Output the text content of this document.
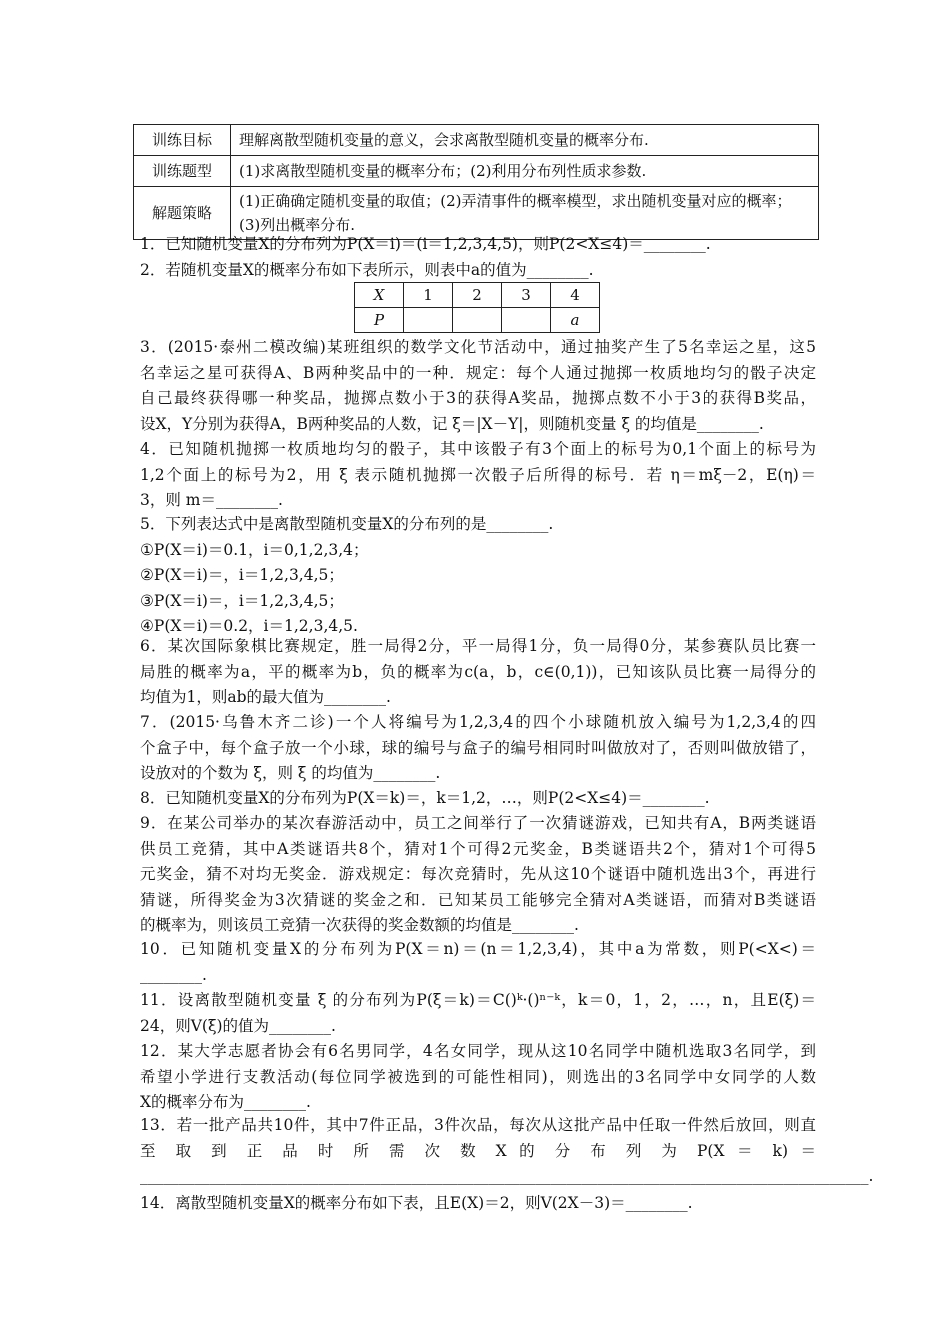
训练目标	理解离散型随机变量的意义，会求离散型随机变量的概率分布.
训练题型	(1)求离散型随机变量的概率分布；(2)利用分布列性质求参数.
解题策略	(1)正确确定随机变量的取值；(2)弄清事件的概率模型，求出随机变量对应的概率；(3)列出概率分布.

1．已知随机变量X的分布列为P(X＝i)＝(i＝1,2,3,4,5)，则P(2<X≤4)＝________.

2．若随机变量X的概率分布如下表所示，则表中a的值为________.

X	1	2	3	4
P				a

3．(2015·泰州二模改编)某班组织的数学文化节活动中，通过抽奖产生了5名幸运之星，这5

名幸运之星可获得A、B两种奖品中的一种．规定：每个人通过抛掷一枚质地均匀的骰子决定

自己最终获得哪一种奖品，抛掷点数小于3的获得A奖品，抛掷点数不小于3的获得B奖品，

设X，Y分别为获得A，B两种奖品的人数，记 ξ＝|X－Y|，则随机变量 ξ 的均值是________.

4．已知随机抛掷一枚质地均匀的骰子，其中该骰子有3个面上的标号为0,1个面上的标号为

1,2个面上的标号为2，用 ξ 表示随机抛掷一次骰子后所得的标号．若 η＝mξ－2，E(η)＝

3，则 m＝________.

5．下列表达式中是离散型随机变量X的分布列的是________.

①P(X＝i)＝0.1，i＝0,1,2,3,4；

②P(X＝i)＝，i＝1,2,3,4,5；

③P(X＝i)＝，i＝1,2,3,4,5；

④P(X＝i)＝0.2，i＝1,2,3,4,5.

6．某次国际象棋比赛规定，胜一局得2分，平一局得1分，负一局得0分，某参赛队员比赛一

局胜的概率为a，平的概率为b，负的概率为c(a，b，c∈(0,1))，已知该队员比赛一局得分的

均值为1，则ab的最大值为________.

7．(2015·乌鲁木齐二诊)一个人将编号为1,2,3,4的四个小球随机放入编号为1,2,3,4的四

个盒子中，每个盒子放一个小球，球的编号与盒子的编号相同时叫做放对了，否则叫做放错了，

设放对的个数为 ξ，则 ξ 的均值为________.

8．已知随机变量X的分布列为P(X＝k)＝，k＝1,2，…，则P(2<X≤4)＝________.

9．在某公司举办的某次春游活动中，员工之间举行了一次猜谜游戏，已知共有A，B两类谜语

供员工竞猜，其中A类谜语共8个，猜对1个可得2元奖金，B类谜语共2个，猜对1个可得5

元奖金，猜不对均无奖金．游戏规定：每次竞猜时，先从这10个谜语中随机选出3个，再进行

猜谜，所得奖金为3次猜谜的奖金之和．已知某员工能够完全猜对A类谜语，而猜对B类谜语

的概率为，则该员工竞猜一次获得的奖金数额的均值是________.

10．已知随机变量X的分布列为P(X＝n)＝(n＝1,2,3,4)，其中a为常数，则P(<X<)＝

________.

11．设离散型随机变量 ξ 的分布列为P(ξ＝k)＝C()ᵏ·()ⁿ⁻ᵏ，k＝0，1，2，…，n，且E(ξ)＝

24，则V(ξ)的值为________.

12．某大学志愿者协会有6名男同学，4名女同学，现从这10名同学中随机选取3名同学，到

希望小学进行支教活动(每位同学被选到的可能性相同)，则选出的3名同学中女同学的人数

X的概率分布为________.

13．若一批产品共10件，其中7件正品，3件次品，每次从这批产品中任取一件然后放回，则直

至 取 到 正 品 时 所 需 次 数 X 的 分 布 列 为 P(X ＝ k) ＝

______________________________________________________________________________________________.

14．离散型随机变量X的概率分布如下表，且E(X)＝2，则V(2X－3)＝________.
